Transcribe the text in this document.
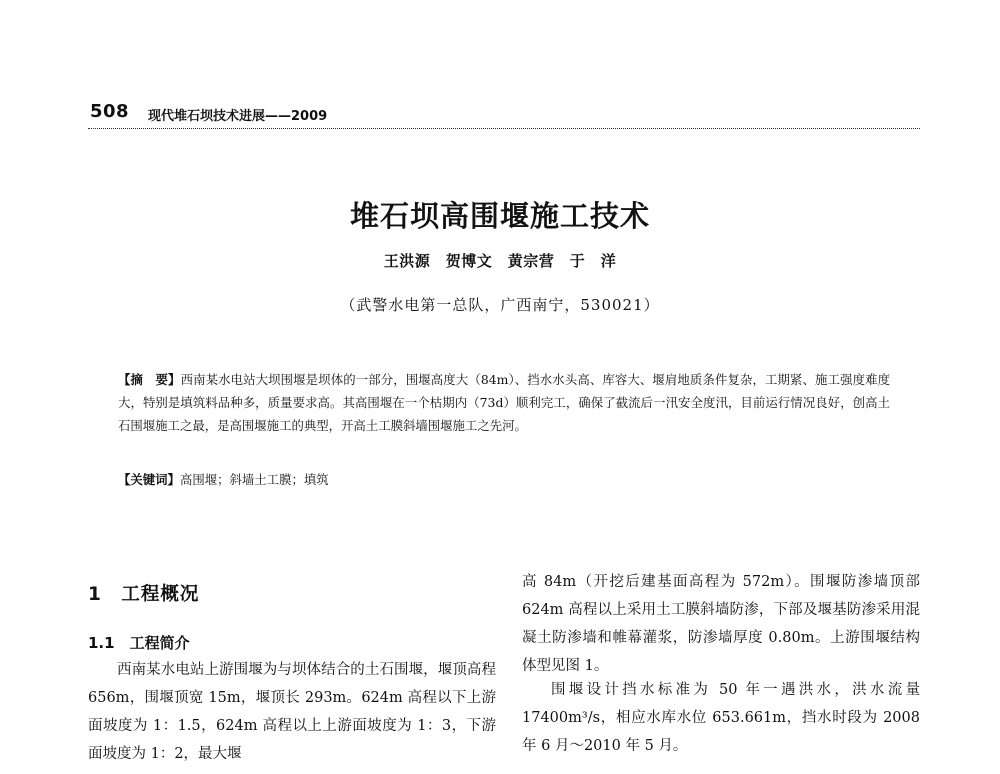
508 现代堆石坝技术进展——2009
堆石坝高围堰施工技术
王洪源　贺博文　黄宗营　于　洋
（武警水电第一总队，广西南宁，530021）
【摘　要】西南某水电站大坝围堰是坝体的一部分，围堰高度大（84m）、挡水水头高、库容大、堰肩地质条件复杂，工期紧、施工强度难度大，特别是填筑料品种多，质量要求高。其高围堰在一个枯期内（73d）顺利完工，确保了截流后一汛安全度汛，目前运行情况良好，创高土石围堰施工之最，是高围堰施工的典型，开高土工膜斜墙围堰施工之先河。
【关键词】高围堰；斜墙土工膜；填筑
1　工程概况
1.1　工程简介
西南某水电站上游围堰为与坝体结合的土石围堰，堰顶高程 656m，围堰顶宽 15m，堰顶长 293m。624m 高程以下上游面坡度为 1：1.5，624m 高程以上上游面坡度为 1：3，下游面坡度为 1：2，最大堰
高 84m（开挖后建基面高程为 572m）。围堰防渗墙顶部 624m 高程以上采用土工膜斜墙防渗，下部及堰基防渗采用混凝土防渗墙和帷幕灌浆，防渗墙厚度 0.80m。上游围堰结构体型见图 1。
围堰设计挡水标准为 50 年一遇洪水，洪水流量 17400m³/s，相应水库水位 653.661m，挡水时段为 2008 年 6 月～2010 年 5 月。
